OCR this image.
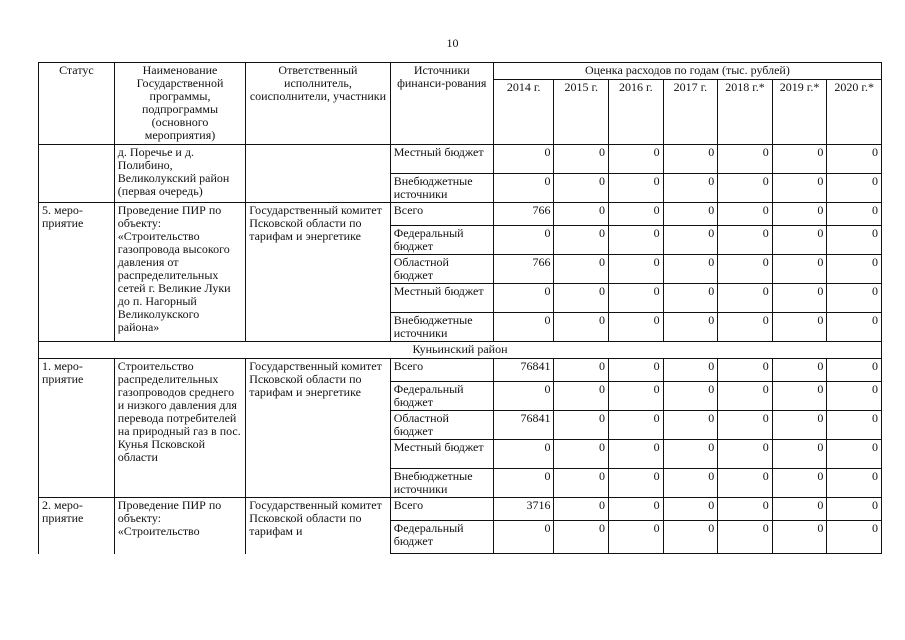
10
Статус	Наименование Государственной программы, подпрограммы (основного мероприятия)	Ответственный исполнитель, соисполнители, участники	Источники финанси-рования	Оценка расходов по годам (тыс. рублей)						
				2014 г.	2015 г.	2016 г.	2017 г.	2018 г.*	2019 г.*	2020 г.*
	д. Поречье и д. Полибино, Великолукский район (первая очередь)		Местный бюджет	0	0	0	0	0	0	0
			Внебюджетные источники	0	0	0	0	0	0	0
5. меро-приятие	Проведение ПИР по объекту: «Строительство газопровода высокого давления от распределительных сетей г. Великие Луки до п. Нагорный Великолукского района»	Государственный комитет Псковской области по тарифам и энергетике	Всего	766	0	0	0	0	0	0
			Федеральный бюджет	0	0	0	0	0	0	0
			Областной бюджет	766	0	0	0	0	0	0
			Местный бюджет	0	0	0	0	0	0	0
			Внебюджетные источники	0	0	0	0	0	0	0
Куньинский район										
1. меро-приятие	Строительство распределительных газопроводов среднего и низкого давления для перевода потребителей на природный газ в пос. Кунья Псковской области	Государственный комитет Псковской области по тарифам и энергетике	Всего	76841	0	0	0	0	0	0
			Федеральный бюджет	0	0	0	0	0	0	0
			Областной бюджет	76841	0	0	0	0	0	0
			Местный бюджет	0	0	0	0	0	0	0
			Внебюджетные источники	0	0	0	0	0	0	0
2. меро-приятие	Проведение ПИР по объекту: «Строительство	Государственный комитет Псковской области по тарифам и	Всего	3716	0	0	0	0	0	0
			Федеральный бюджет	0	0	0	0	0	0	0
